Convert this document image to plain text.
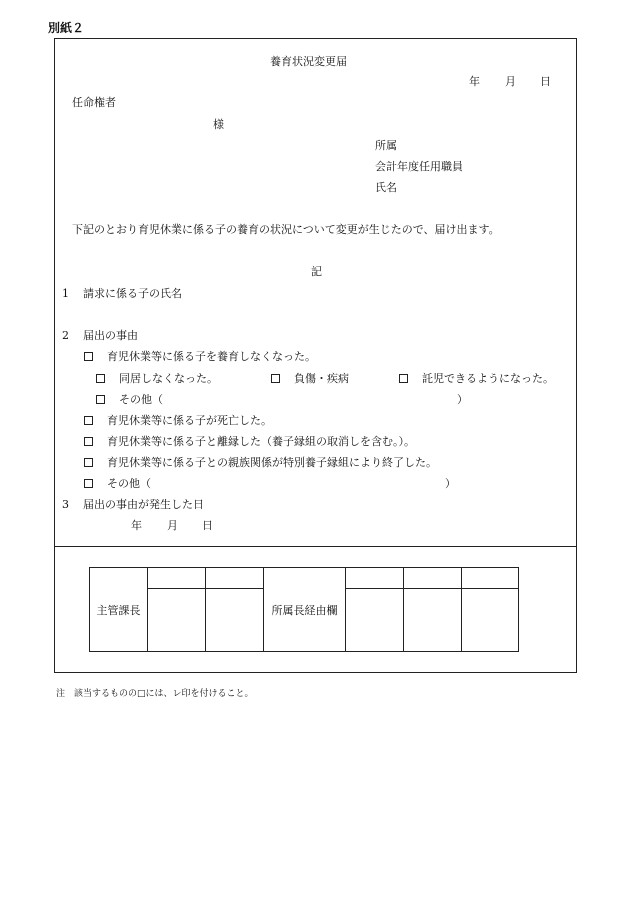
別紙２
養育状況変更届
年 月 日
任命権者
様
所属
会計年度任用職員
氏名
下記のとおり育児休業に係る子の養育の状況について変更が生じたので、届け出ます。
記
1 請求に係る子の氏名
2 届出の事由
育児休業等に係る子を養育しなくなった。
同居しなくなった。	負傷・疾病	託児できるようになった。
その他（	）
育児休業等に係る子が死亡した。
育児休業等に係る子と離縁した（養子縁組の取消しを含む。）。
育児休業等に係る子との親族関係が特別養子縁組により終了した。
その他（	）
3 届出の事由が発生した日
年 月 日
主管課長			所属長経由欄			

注　該当するものの□には、レ印を付けること。
